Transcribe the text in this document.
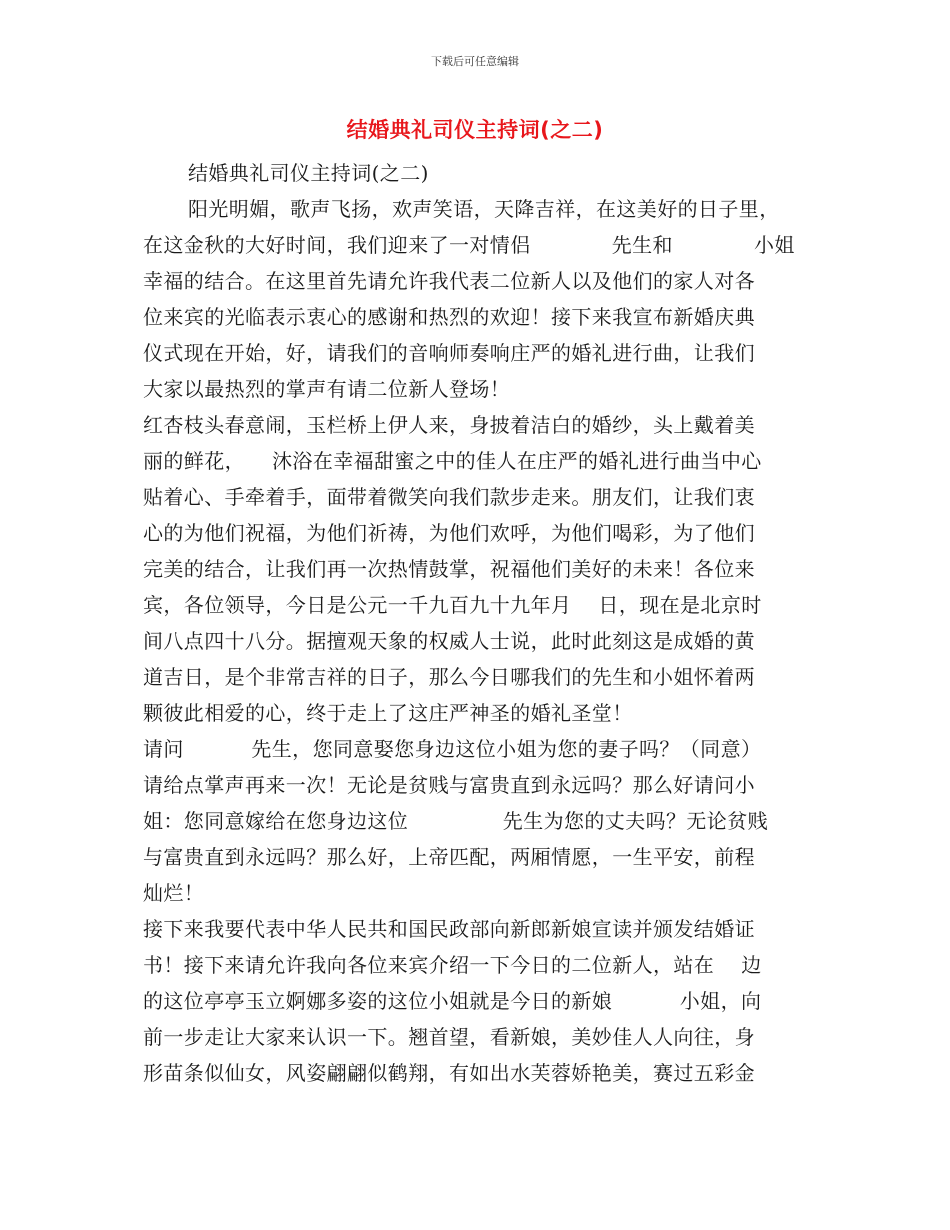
下载后可任意编辑
结婚典礼司仪主持词(之二)
结婚典礼司仪主持词(之二)
阳光明媚，歌声飞扬，欢声笑语，天降吉祥，在这美好的日子里，
在这金秋的大好时间，我们迎来了一对情侣            先生和            小姐
幸福的结合。在这里首先请允许我代表二位新人以及他们的家人对各
位来宾的光临表示衷心的感谢和热烈的欢迎！接下来我宣布新婚庆典
仪式现在开始，好，请我们的音响师奏响庄严的婚礼进行曲，让我们
大家以最热烈的掌声有请二位新人登场！
红杏枝头春意闹，玉栏桥上伊人来，身披着洁白的婚纱，头上戴着美
丽的鲜花，    沐浴在幸福甜蜜之中的佳人在庄严的婚礼进行曲当中心
贴着心、手牵着手，面带着微笑向我们款步走来。朋友们，让我们衷
心的为他们祝福，为他们祈祷，为他们欢呼，为他们喝彩，为了他们
完美的结合，让我们再一次热情鼓掌，祝福他们美好的未来！各位来
宾，各位领导，今日是公元一千九百九十九年月    日，现在是北京时
间八点四十八分。据擅观天象的权威人士说，此时此刻这是成婚的黄
道吉日，是个非常吉祥的日子，那么今日哪我们的先生和小姐怀着两
颗彼此相爱的心，终于走上了这庄严神圣的婚礼圣堂！
请问          先生，您同意娶您身边这位小姐为您的妻子吗？（同意）
请给点掌声再来一次！无论是贫贱与富贵直到永远吗？那么好请问小
姐：您同意嫁给在您身边这位              先生为您的丈夫吗？无论贫贱
与富贵直到永远吗？那么好，上帝匹配，两厢情愿，一生平安，前程
灿烂！
接下来我要代表中华人民共和国民政部向新郎新娘宣读并颁发结婚证
书！接下来请允许我向各位来宾介绍一下今日的二位新人，站在    边
的这位亭亭玉立婀娜多姿的这位小姐就是今日的新娘          小姐，向
前一步走让大家来认识一下。翘首望，看新娘，美妙佳人人向往，身
形苗条似仙女，风姿翩翩似鹤翔，有如出水芙蓉娇艳美，赛过五彩金
